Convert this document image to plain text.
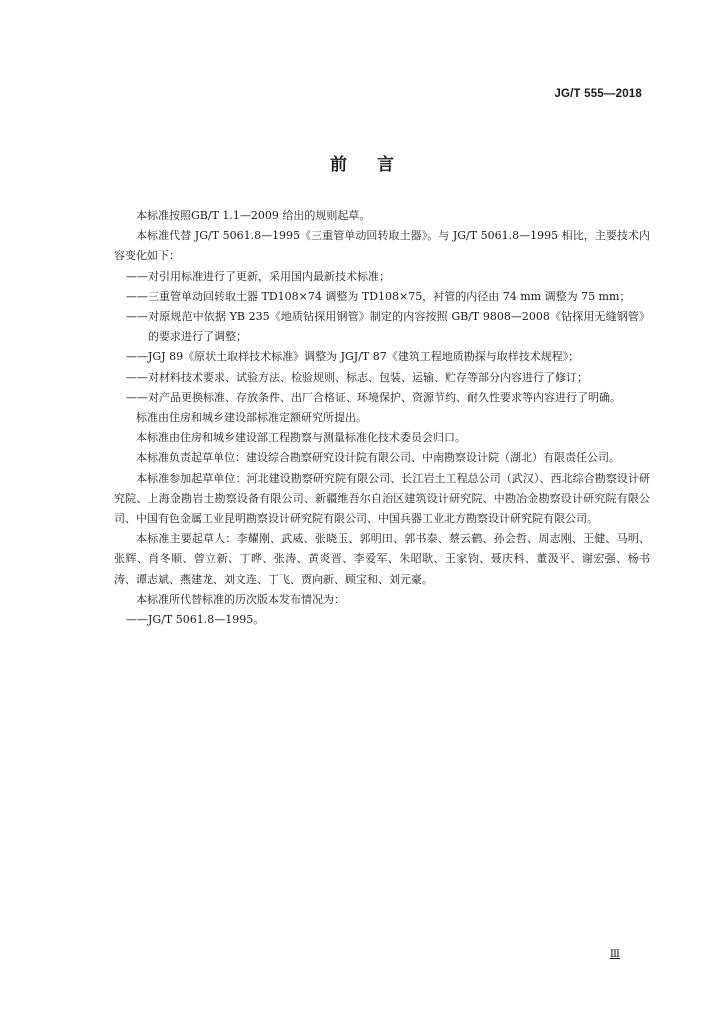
JG/T 555—2018
前言

本标准按照GB/T 1.1—2009 给出的规则起草。

本标准代替 JG/T 5061.8—1995《三重管单动回转取土器》。与 JG/T 5061.8—1995 相比，主要技术内容变化如下：

——对引用标准进行了更新，采用国内最新技术标准；

——三重管单动回转取土器 TD108×74 调整为 TD108×75，衬管的内径由 74 mm 调整为 75 mm；

——对原规范中依据 YB 235《地质钻探用钢管》制定的内容按照 GB/T 9808—2008《钻探用无缝钢管》的要求进行了调整；

——JGJ 89《原状土取样技术标准》调整为 JGJ/T 87《建筑工程地质勘探与取样技术规程》；

——对材料技术要求、试验方法、检验规则、标志、包装、运输、贮存等部分内容进行了修订；

——对产品更换标准、存放条件、出厂合格证、环境保护、资源节约、耐久性要求等内容进行了明确。

标准由住房和城乡建设部标准定额研究所提出。

本标准由住房和城乡建设部工程勘察与测量标准化技术委员会归口。

本标准负责起草单位：建设综合勘察研究设计院有限公司、中南勘察设计院（湖北）有限责任公司。

本标准参加起草单位：河北建设勘察研究院有限公司、长江岩土工程总公司（武汉）、西北综合勘察设计研究院、上海金勘岩土勘察设备有限公司、新疆维吾尔自治区建筑设计研究院、中勘冶金勘察设计研究院有限公司、中国有色金属工业昆明勘察设计研究院有限公司、中国兵器工业北方勘察设计研究院有限公司。

本标准主要起草人：李耀刚、武威、张晓玉、郭明田、郭书泰、蔡云鹤、孙会哲、周志刚、王健、马明、张辉、肖冬顺、曾立新、丁晔、张涛、黄炎晋、李爱军、朱昭耿、王家钧、聂庆科、董汲平、谢宏强、杨书涛、谭志斌、燕建龙、刘文连、丁飞、贾向新、顾宝和、刘元豪。

本标准所代替标准的历次版本发布情况为：

——JG/T 5061.8—1995。

Ⅲ
